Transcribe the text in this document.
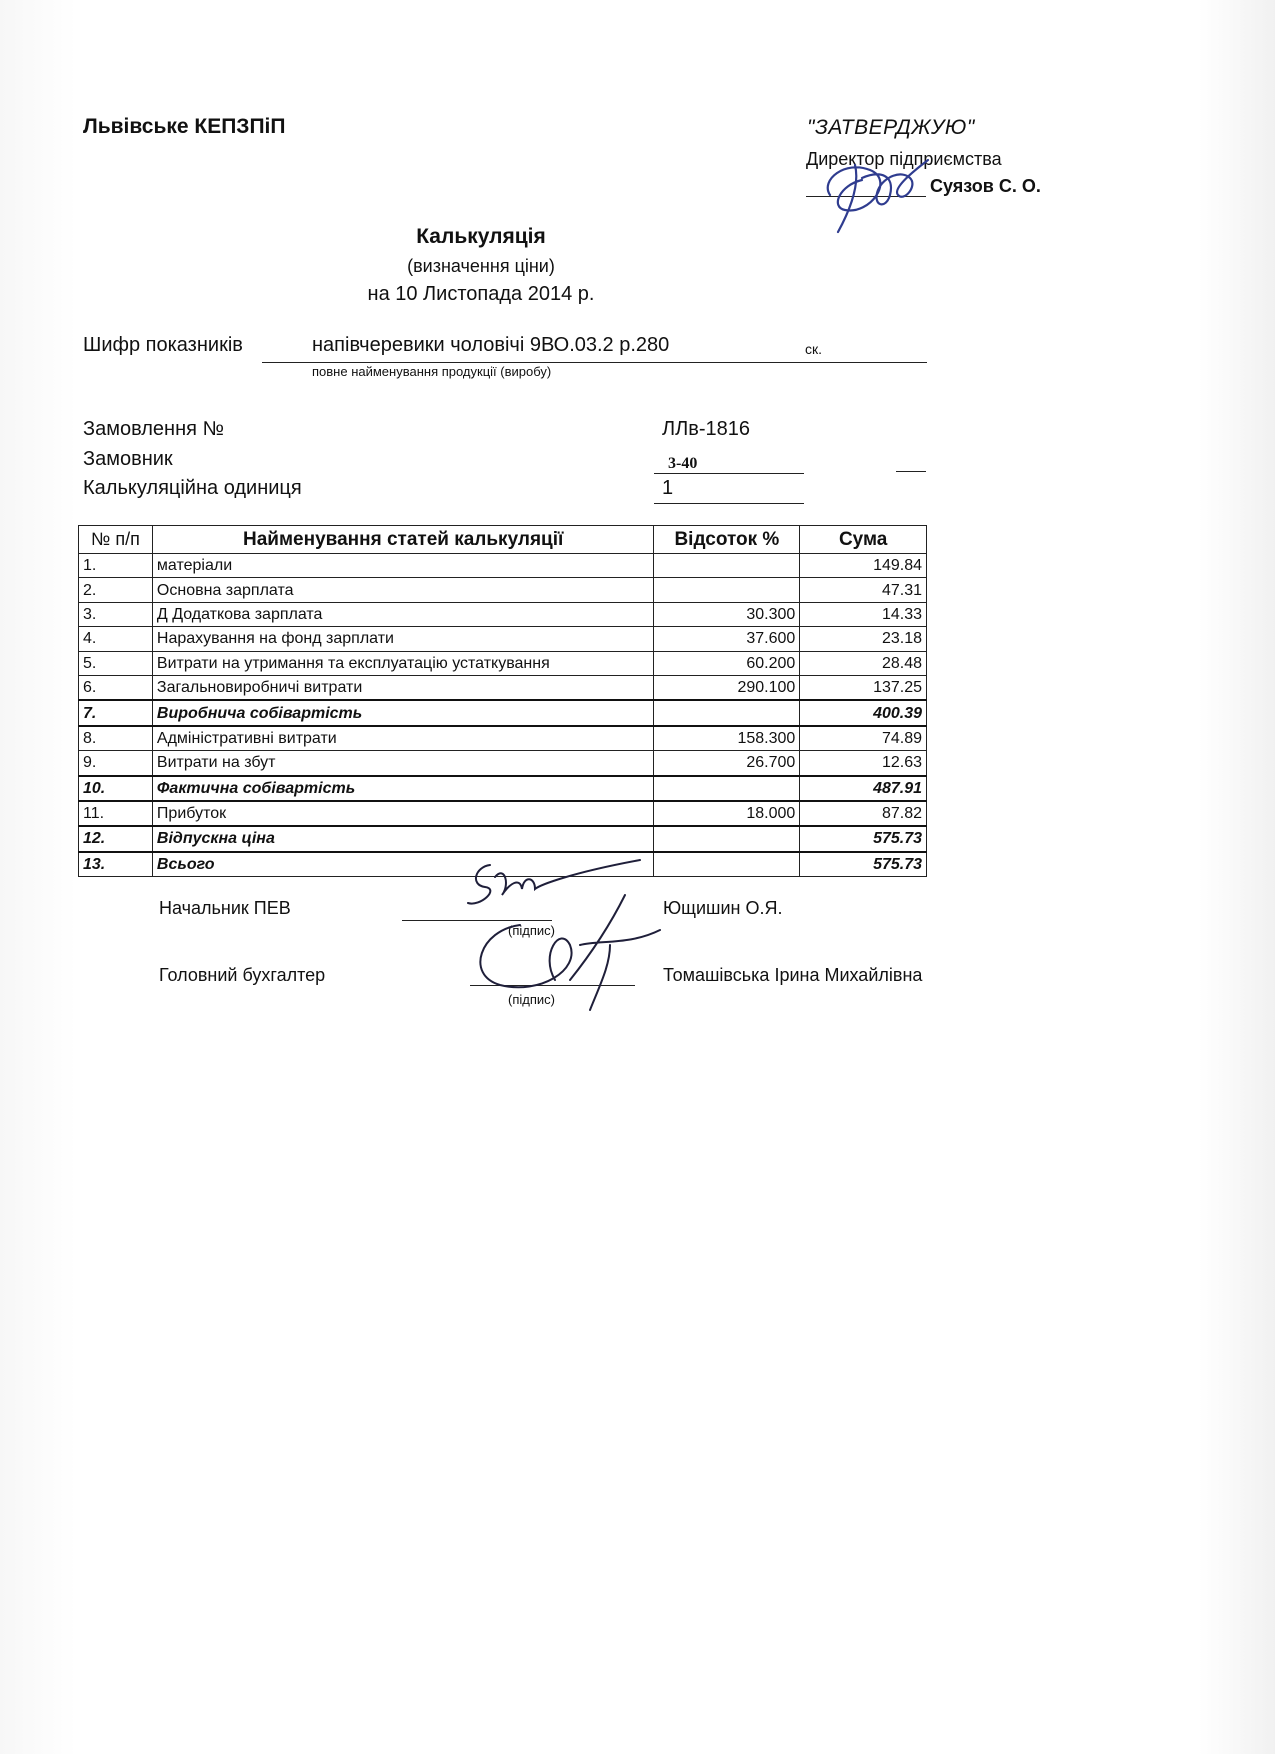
Львівське КЕПЗПіП	"ЗАТВЕРДЖУЮ"
Директор підприємства
Суязов С. О.
Калькуляція
(визначення ціни)
на 10 Листопада 2014 р.
Шифр показників	напівчеревики чоловічі 9ВО.03.2 р.280	ск.
повне найменування продукції (виробу)
Замовлення №	ЛЛв-1816
Замовник	3-40
Калькуляційна одиниця	1
№ п/п	Найменування статей калькуляції	Відсоток %	Сума
1.	матеріали		149.84
2.	Основна зарплата		47.31
3.	Д Додаткова зарплата	30.300	14.33
4.	Нарахування на фонд зарплати	37.600	23.18
5.	Витрати на утримання та експлуатацію устаткування	60.200	28.48
6.	Загальновиробничі витрати	290.100	137.25
7.	Виробнича собівартість		400.39
8.	Адміністративні витрати	158.300	74.89
9.	Витрати на збут	26.700	12.63
10.	Фактична собівартість		487.91
11.	Прибуток	18.000	87.82
12.	Відпускна ціна		575.73
13.	Всього		575.73
Начальник ПЕВ
(підпис)
Ющишин О.Я.
Головний бухгалтер
(підпис)
Томашівська Ірина Михайлівна
